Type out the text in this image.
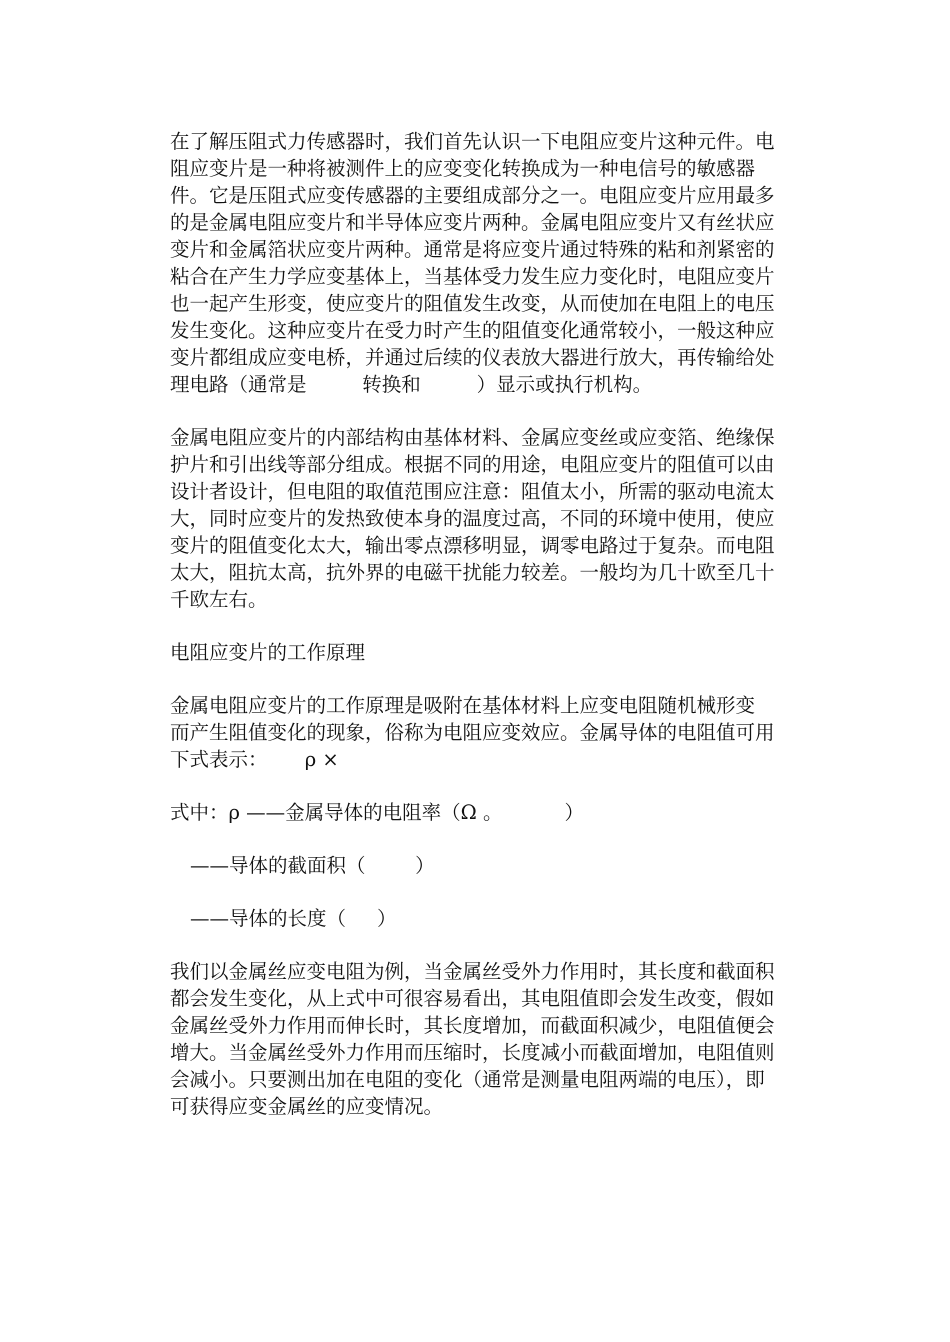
在了解压阻式力传感器时，我们首先认识一下电阻应变片这种元件。电
阻应变片是一种将被测件上的应变变化转换成为一种电信号的敏感器
件。它是压阻式应变传感器的主要组成部分之一。电阻应变片应用最多
的是金属电阻应变片和半导体应变片两种。金属电阻应变片又有丝状应
变片和金属箔状应变片两种。通常是将应变片通过特殊的粘和剂紧密的
粘合在产生力学应变基体上，当基体受力发生应力变化时，电阻应变片
也一起产生形变，使应变片的阻值发生改变，从而使加在电阻上的电压
发生变化。这种应变片在受力时产生的阻值变化通常较小，一般这种应
变片都组成应变电桥，并通过后续的仪表放大器进行放大，再传输给处
理电路（通常是         转换和         ）显示或执行机构。
金属电阻应变片的内部结构由基体材料、金属应变丝或应变箔、绝缘保
护片和引出线等部分组成。根据不同的用途，电阻应变片的阻值可以由
设计者设计，但电阻的取值范围应注意：阻值太小，所需的驱动电流太
大，同时应变片的发热致使本身的温度过高，不同的环境中使用，使应
变片的阻值变化太大，输出零点漂移明显，调零电路过于复杂。而电阻
太大，阻抗太高，抗外界的电磁干扰能力较差。一般均为几十欧至几十
千欧左右。
电阻应变片的工作原理
金属电阻应变片的工作原理是吸附在基体材料上应变电阻随机械形变
而产生阻值变化的现象，俗称为电阻应变效应。金属导体的电阻值可用
下式表示：      ρ ×
式中：ρ ——金属导体的电阻率（Ω 。          ）
——导体的截面积（        ）
——导体的长度（     ）
我们以金属丝应变电阻为例，当金属丝受外力作用时，其长度和截面积
都会发生变化，从上式中可很容易看出，其电阻值即会发生改变，假如
金属丝受外力作用而伸长时，其长度增加，而截面积减少，电阻值便会
增大。当金属丝受外力作用而压缩时，长度减小而截面增加，电阻值则
会减小。只要测出加在电阻的变化（通常是测量电阻两端的电压），即
可获得应变金属丝的应变情况。
